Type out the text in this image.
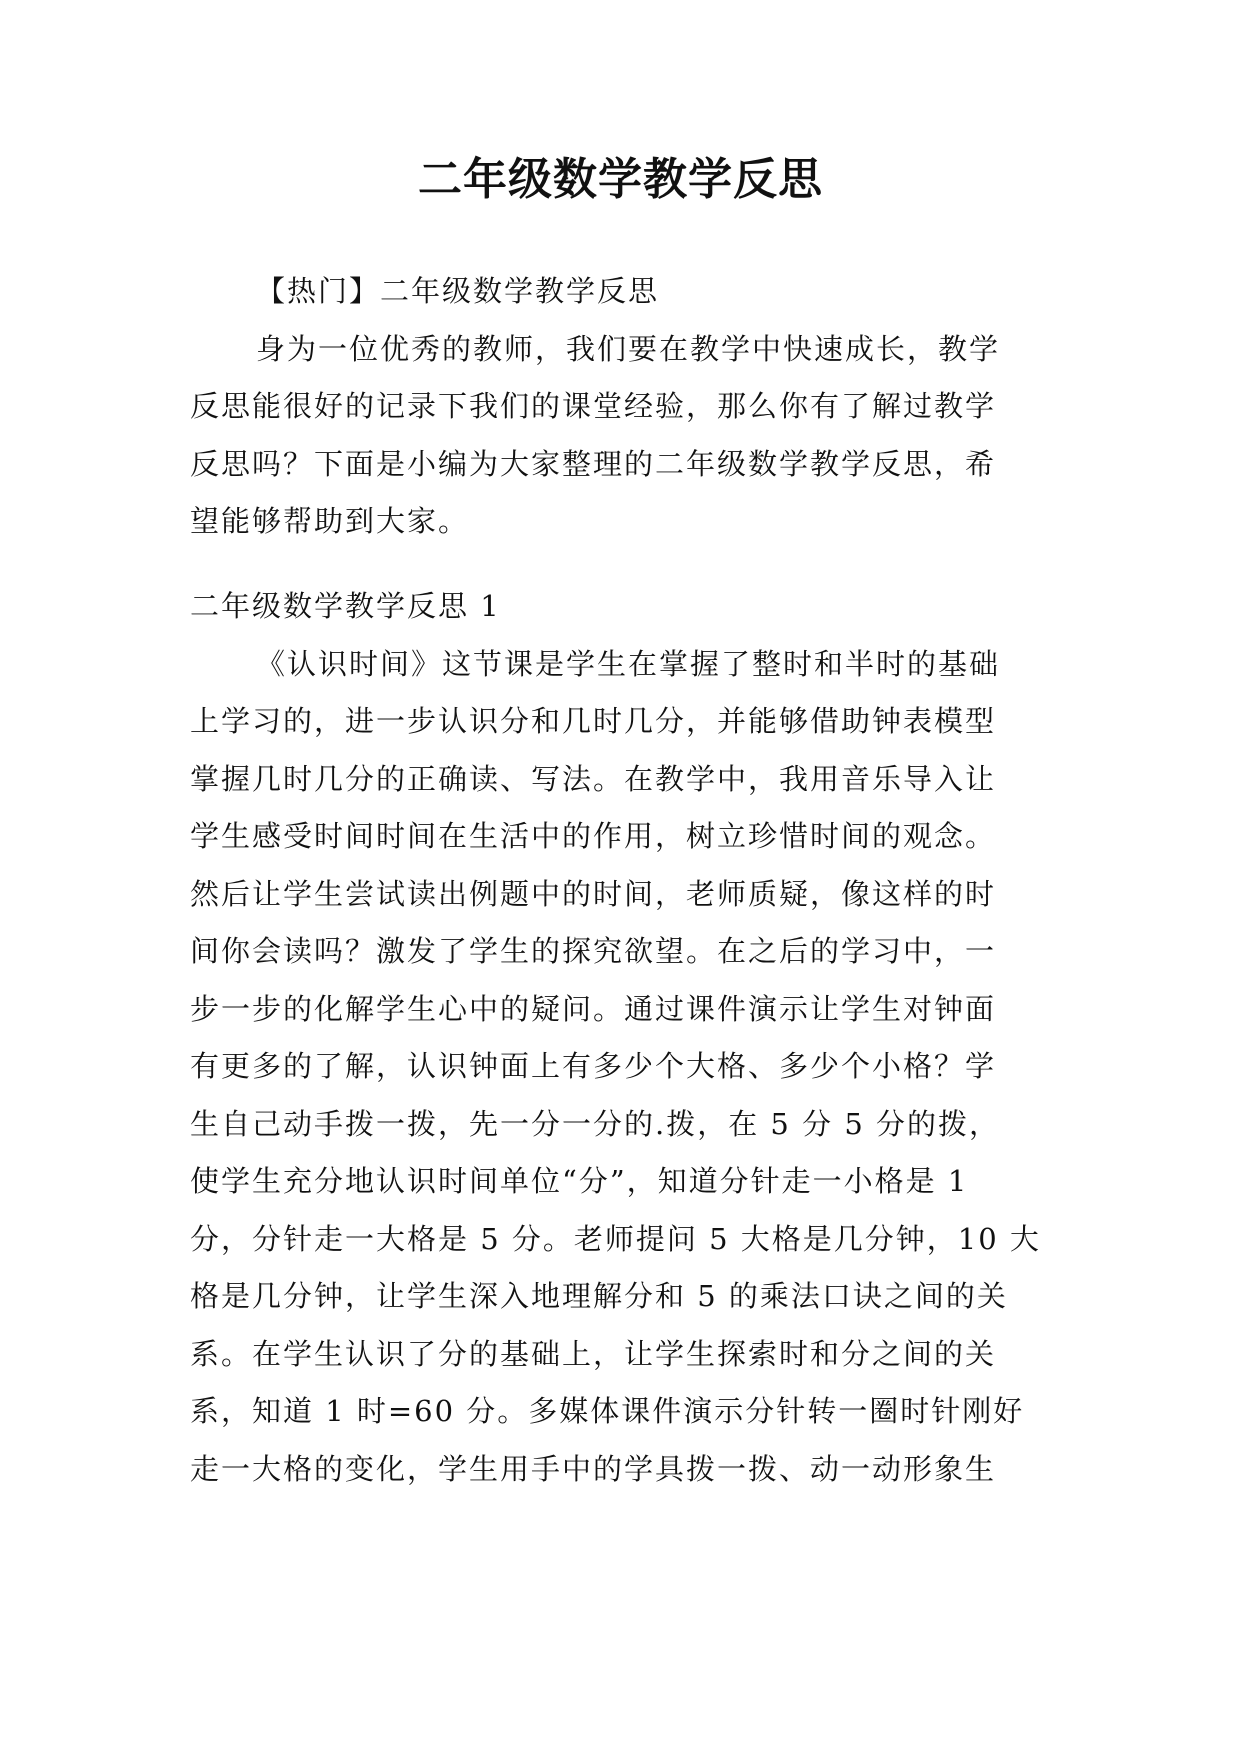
二年级数学教学反思

【热门】二年级数学教学反思

身为一位优秀的教师，我们要在教学中快速成长，教学

反思能很好的记录下我们的课堂经验，那么你有了解过教学

反思吗？下面是小编为大家整理的二年级数学教学反思，希

望能够帮助到大家。

二年级数学教学反思 1

《认识时间》这节课是学生在掌握了整时和半时的基础

上学习的，进一步认识分和几时几分，并能够借助钟表模型

掌握几时几分的正确读、写法。在教学中，我用音乐导入让

学生感受时间时间在生活中的作用，树立珍惜时间的观念。

然后让学生尝试读出例题中的时间，老师质疑，像这样的时

间你会读吗？激发了学生的探究欲望。在之后的学习中，一

步一步的化解学生心中的疑问。通过课件演示让学生对钟面

有更多的了解，认识钟面上有多少个大格、多少个小格？学

生自己动手拨一拨，先一分一分的.拨，在 5 分 5 分的拨，

使学生充分地认识时间单位“分”，知道分针走一小格是 1

分，分针走一大格是 5 分。老师提问 5 大格是几分钟，10 大

格是几分钟，让学生深入地理解分和 5 的乘法口诀之间的关

系。在学生认识了分的基础上，让学生探索时和分之间的关

系，知道 1 时=60 分。多媒体课件演示分针转一圈时针刚好

走一大格的变化，学生用手中的学具拨一拨、动一动形象生
